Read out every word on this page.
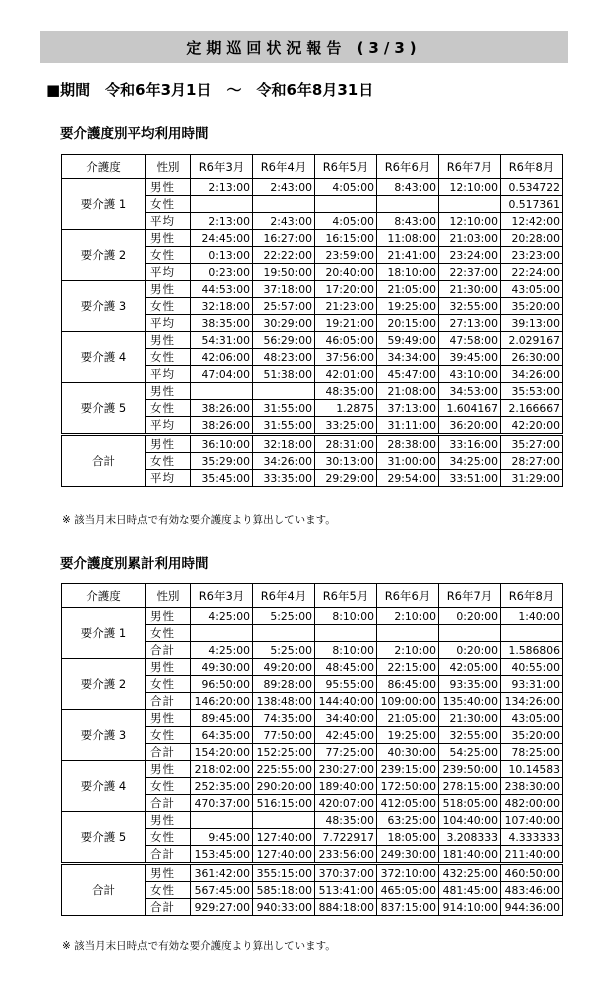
定期巡回状況報告 (3/3)
■期間　令和6年3月1日　～　令和6年8月31日
要介護度別平均利用時間
介護度	性別	R6年3月	R6年4月	R6年5月	R6年6月	R6年7月	R6年8月
要介護 1	男性	2:13:00	2:43:00	4:05:00	8:43:00	12:10:00	0.534722
	女性						0.517361
	平均	2:13:00	2:43:00	4:05:00	8:43:00	12:10:00	12:42:00
要介護 2	男性	24:45:00	16:27:00	16:15:00	11:08:00	21:03:00	20:28:00
	女性	0:13:00	22:22:00	23:59:00	21:41:00	23:24:00	23:23:00
	平均	0:23:00	19:50:00	20:40:00	18:10:00	22:37:00	22:24:00
要介護 3	男性	44:53:00	37:18:00	17:20:00	21:05:00	21:30:00	43:05:00
	女性	32:18:00	25:57:00	21:23:00	19:25:00	32:55:00	35:20:00
	平均	38:35:00	30:29:00	19:21:00	20:15:00	27:13:00	39:13:00
要介護 4	男性	54:31:00	56:29:00	46:05:00	59:49:00	47:58:00	2.029167
	女性	42:06:00	48:23:00	37:56:00	34:34:00	39:45:00	26:30:00
	平均	47:04:00	51:38:00	42:01:00	45:47:00	43:10:00	34:26:00
要介護 5	男性			48:35:00	21:08:00	34:53:00	35:53:00
	女性	38:26:00	31:55:00	1.2875	37:13:00	1.604167	2.166667
	平均	38:26:00	31:55:00	33:25:00	31:11:00	36:20:00	42:20:00
合計	男性	36:10:00	32:18:00	28:31:00	28:38:00	33:16:00	35:27:00
	女性	35:29:00	34:26:00	30:13:00	31:00:00	34:25:00	28:27:00
	平均	35:45:00	33:35:00	29:29:00	29:54:00	33:51:00	31:29:00
※ 該当月末日時点で有効な要介護度より算出しています。
要介護度別累計利用時間
介護度	性別	R6年3月	R6年4月	R6年5月	R6年6月	R6年7月	R6年8月
要介護 1	男性	4:25:00	5:25:00	8:10:00	2:10:00	0:20:00	1:40:00
	女性						
	合計	4:25:00	5:25:00	8:10:00	2:10:00	0:20:00	1.586806
要介護 2	男性	49:30:00	49:20:00	48:45:00	22:15:00	42:05:00	40:55:00
	女性	96:50:00	89:28:00	95:55:00	86:45:00	93:35:00	93:31:00
	合計	146:20:00	138:48:00	144:40:00	109:00:00	135:40:00	134:26:00
要介護 3	男性	89:45:00	74:35:00	34:40:00	21:05:00	21:30:00	43:05:00
	女性	64:35:00	77:50:00	42:45:00	19:25:00	32:55:00	35:20:00
	合計	154:20:00	152:25:00	77:25:00	40:30:00	54:25:00	78:25:00
要介護 4	男性	218:02:00	225:55:00	230:27:00	239:15:00	239:50:00	10.14583
	女性	252:35:00	290:20:00	189:40:00	172:50:00	278:15:00	238:30:00
	合計	470:37:00	516:15:00	420:07:00	412:05:00	518:05:00	482:00:00
要介護 5	男性			48:35:00	63:25:00	104:40:00	107:40:00
	女性	9:45:00	127:40:00	7.722917	18:05:00	3.208333	4.333333
	合計	153:45:00	127:40:00	233:56:00	249:30:00	181:40:00	211:40:00
合計	男性	361:42:00	355:15:00	370:37:00	372:10:00	432:25:00	460:50:00
	女性	567:45:00	585:18:00	513:41:00	465:05:00	481:45:00	483:46:00
	合計	929:27:00	940:33:00	884:18:00	837:15:00	914:10:00	944:36:00
※ 該当月末日時点で有効な要介護度より算出しています。
